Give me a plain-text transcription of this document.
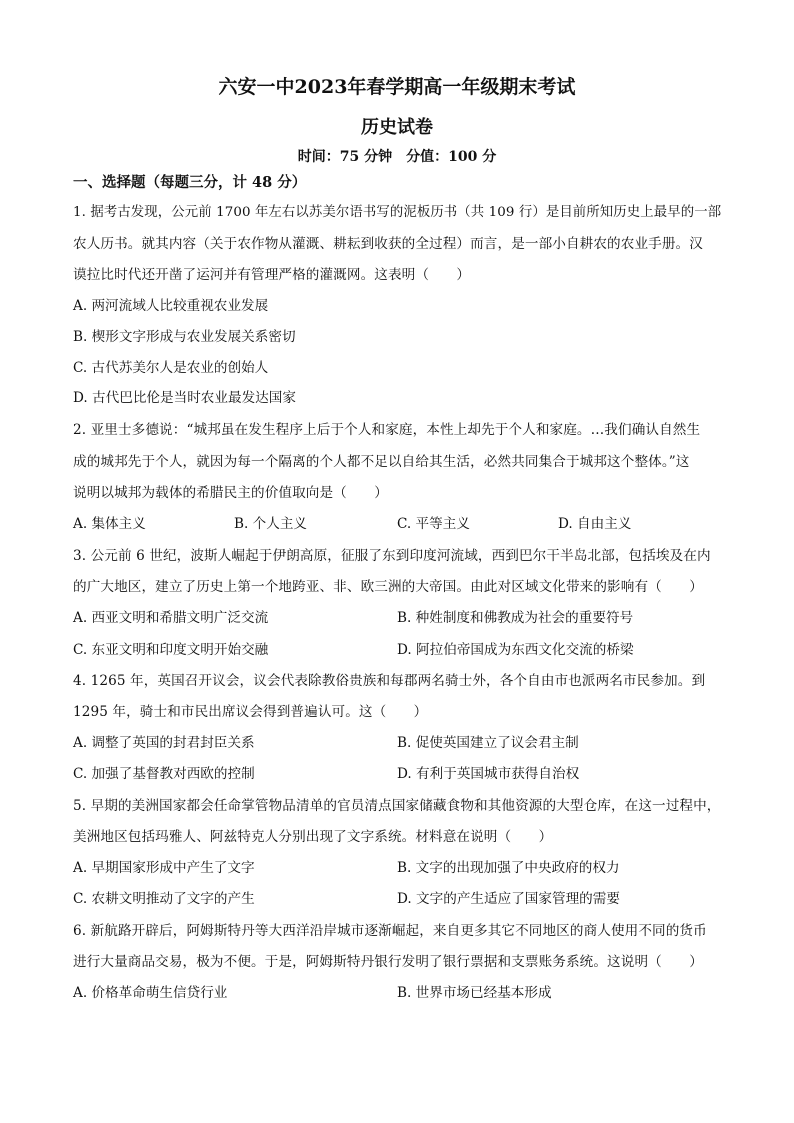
六安一中2023年春学期高一年级期末考试
历史试卷
时间：75 分钟　分值：100 分
一、选择题（每题三分，计 48 分）
1. 据考古发现，公元前 1700 年左右以苏美尔语书写的泥板历书（共 109 行）是目前所知历史上最早的一部
农人历书。就其内容（关于农作物从灌溉、耕耘到收获的全过程）而言，是一部小自耕农的农业手册。汉
谟拉比时代还开凿了运河并有管理严格的灌溉网。这表明（　　）
A. 两河流域人比较重视农业发展
B. 楔形文字形成与农业发展关系密切
C. 古代苏美尔人是农业的创始人
D. 古代巴比伦是当时农业最发达国家
2. 亚里士多德说：“城邦虽在发生程序上后于个人和家庭，本性上却先于个人和家庭。…我们确认自然生
成的城邦先于个人，就因为每一个隔离的个人都不足以自给其生活，必然共同集合于城邦这个整体。”这
说明以城邦为载体的希腊民主的价值取向是（　　）
A. 集体主义	B. 个人主义	C. 平等主义	D. 自由主义
3. 公元前 6 世纪，波斯人崛起于伊朗高原，征服了东到印度河流域，西到巴尔干半岛北部，包括埃及在内
的广大地区，建立了历史上第一个地跨亚、非、欧三洲的大帝国。由此对区域文化带来的影响有（　　）
A. 西亚文明和希腊文明广泛交流	B. 种姓制度和佛教成为社会的重要符号
C. 东亚文明和印度文明开始交融	D. 阿拉伯帝国成为东西文化交流的桥梁
4. 1265 年，英国召开议会，议会代表除教俗贵族和每郡两名骑士外，各个自由市也派两名市民参加。到
1295 年，骑士和市民出席议会得到普遍认可。这（　　）
A. 调整了英国的封君封臣关系	B. 促使英国建立了议会君主制
C. 加强了基督教对西欧的控制	D. 有利于英国城市获得自治权
5. 早期的美洲国家都会任命掌管物品清单的官员清点国家储藏食物和其他资源的大型仓库，在这一过程中，
美洲地区包括玛雅人、阿兹特克人分别出现了文字系统。材料意在说明（　　）
A. 早期国家形成中产生了文字	B. 文字的出现加强了中央政府的权力
C. 农耕文明推动了文字的产生	D. 文字的产生适应了国家管理的需要
6. 新航路开辟后，阿姆斯特丹等大西洋沿岸城市逐渐崛起，来自更多其它不同地区的商人使用不同的货币
进行大量商品交易，极为不便。于是，阿姆斯特丹银行发明了银行票据和支票账务系统。这说明（　　）
A. 价格革命萌生信贷行业	B. 世界市场已经基本形成
